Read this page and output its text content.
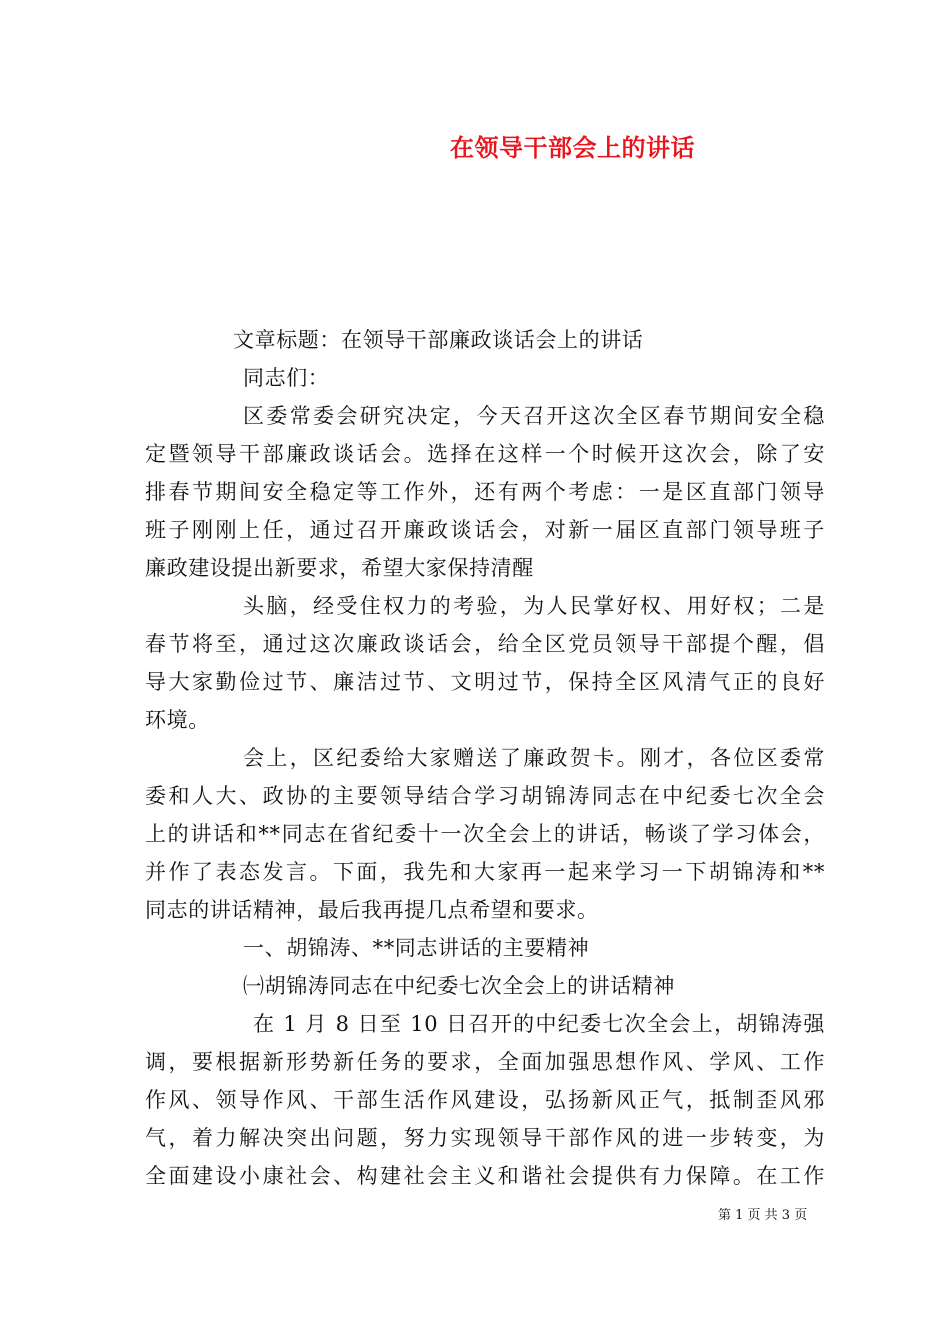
在领导干部会上的讲话
文章标题：在领导干部廉政谈话会上的讲话
同志们：
区委常委会研究决定，今天召开这次全区春节期间安全稳
定暨领导干部廉政谈话会。选择在这样一个时候开这次会，除了安
排春节期间安全稳定等工作外，还有两个考虑：一是区直部门领导
班子刚刚上任，通过召开廉政谈话会，对新一届区直部门领导班子
廉政建设提出新要求，希望大家保持清醒
头脑，经受住权力的考验，为人民掌好权、用好权；二是
春节将至，通过这次廉政谈话会，给全区党员领导干部提个醒，倡
导大家勤俭过节、廉洁过节、文明过节，保持全区风清气正的良好
环境。
会上，区纪委给大家赠送了廉政贺卡。刚才，各位区委常
委和人大、政协的主要领导结合学习胡锦涛同志在中纪委七次全会
上的讲话和**同志在省纪委十一次全会上的讲话，畅谈了学习体会，
并作了表态发言。下面，我先和大家再一起来学习一下胡锦涛和**
同志的讲话精神，最后我再提几点希望和要求。
一、胡锦涛、**同志讲话的主要精神
㈠胡锦涛同志在中纪委七次全会上的讲话精神
在 1 月 8 日至 10 日召开的中纪委七次全会上，胡锦涛强
调，要根据新形势新任务的要求，全面加强思想作风、学风、工作
作风、领导作风、干部生活作风建设，弘扬新风正气，抵制歪风邪
气，着力解决突出问题，努力实现领导干部作风的进一步转变，为
全面建设小康社会、构建社会主义和谐社会提供有力保障。在工作
第 1 页 共 3 页
